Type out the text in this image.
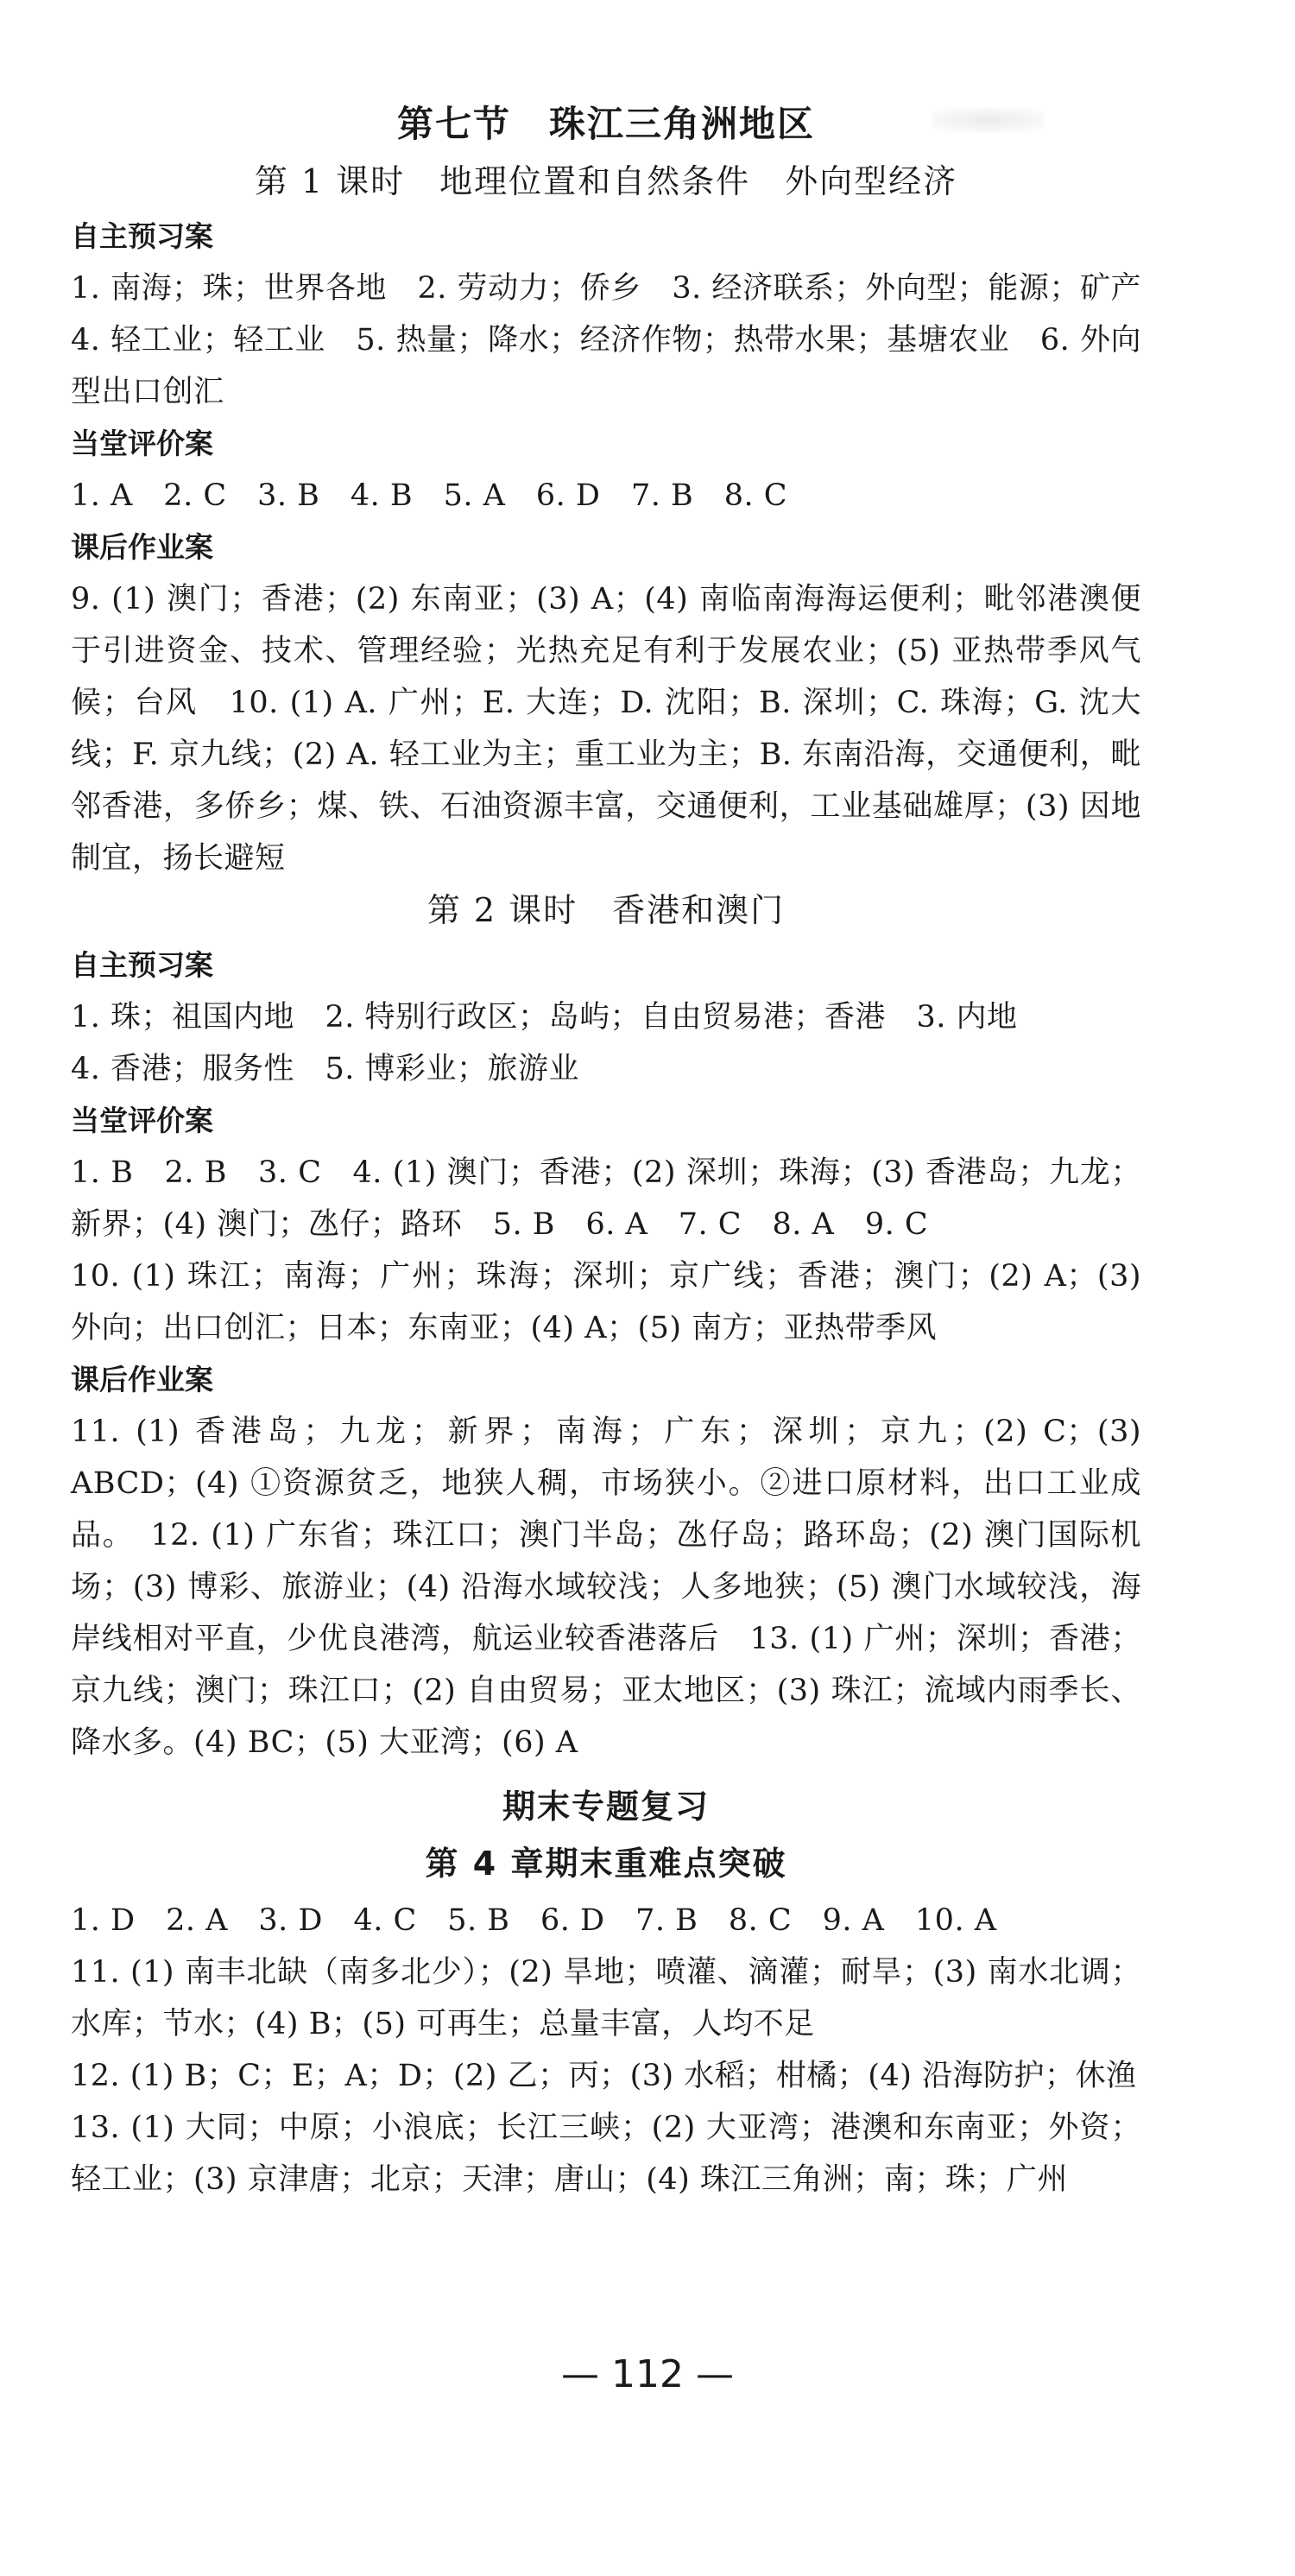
第七节　珠江三角洲地区
第 1 课时　地理位置和自然条件　外向型经济
自主预习案

1. 南海；珠；世界各地　2. 劳动力；侨乡　3. 经济联系；外向型；能源；矿产　4. 轻工业；轻工业　5. 热量；降水；经济作物；热带水果；基塘农业　6. 外向型出口创汇

当堂评价案

1. A　2. C　3. B　4. B　5. A　6. D　7. B　8. C

课后作业案

9. (1) 澳门；香港；(2) 东南亚；(3) A；(4) 南临南海海运便利；毗邻港澳便于引进资金、技术、管理经验；光热充足有利于发展农业；(5) 亚热带季风气候；台风　10. (1) A. 广州；E. 大连；D. 沈阳；B. 深圳；C. 珠海；G. 沈大线；F. 京九线；(2) A. 轻工业为主；重工业为主；B. 东南沿海，交通便利，毗邻香港，多侨乡；煤、铁、石油资源丰富，交通便利，工业基础雄厚；(3) 因地制宜，扬长避短

第 2 课时　香港和澳门
自主预习案

1. 珠；祖国内地　2. 特别行政区；岛屿；自由贸易港；香港　3. 内地
4. 香港；服务性　5. 博彩业；旅游业

当堂评价案

1. B　2. B　3. C　4. (1) 澳门；香港；(2) 深圳；珠海；(3) 香港岛；九龙；新界；(4) 澳门；氹仔；路环　5. B　6. A　7. C　8. A　9. C
10. (1) 珠江；南海；广州；珠海；深圳；京广线；香港；澳门；(2) A；(3) 外向；出口创汇；日本；东南亚；(4) A；(5) 南方；亚热带季风

课后作业案

11. (1) 香港岛；九龙；新界；南海；广东；深圳；京九；(2) C；(3) ABCD；(4) ①资源贫乏，地狭人稠，市场狭小。②进口原材料，出口工业成品。　12. (1) 广东省；珠江口；澳门半岛；氹仔岛；路环岛；(2) 澳门国际机场；(3) 博彩、旅游业；(4) 沿海水域较浅；人多地狭；(5) 澳门水域较浅，海岸线相对平直，少优良港湾，航运业较香港落后　13. (1) 广州；深圳；香港；京九线；澳门；珠江口；(2) 自由贸易；亚太地区；(3) 珠江；流域内雨季长、降水多。(4) BC；(5) 大亚湾；(6) A

期末专题复习
第 4 章期末重难点突破

1. D　2. A　3. D　4. C　5. B　6. D　7. B　8. C　9. A　10. A

11. (1) 南丰北缺（南多北少）；(2) 旱地；喷灌、滴灌；耐旱；(3) 南水北调；水库；节水；(4) B；(5) 可再生；总量丰富，人均不足

12. (1) B；C；E；A；D；(2) 乙；丙；(3) 水稻；柑橘；(4) 沿海防护；休渔

13. (1) 大同；中原；小浪底；长江三峡；(2) 大亚湾；港澳和东南亚；外资；轻工业；(3) 京津唐；北京；天津；唐山；(4) 珠江三角洲；南；珠；广州

— 112 —
